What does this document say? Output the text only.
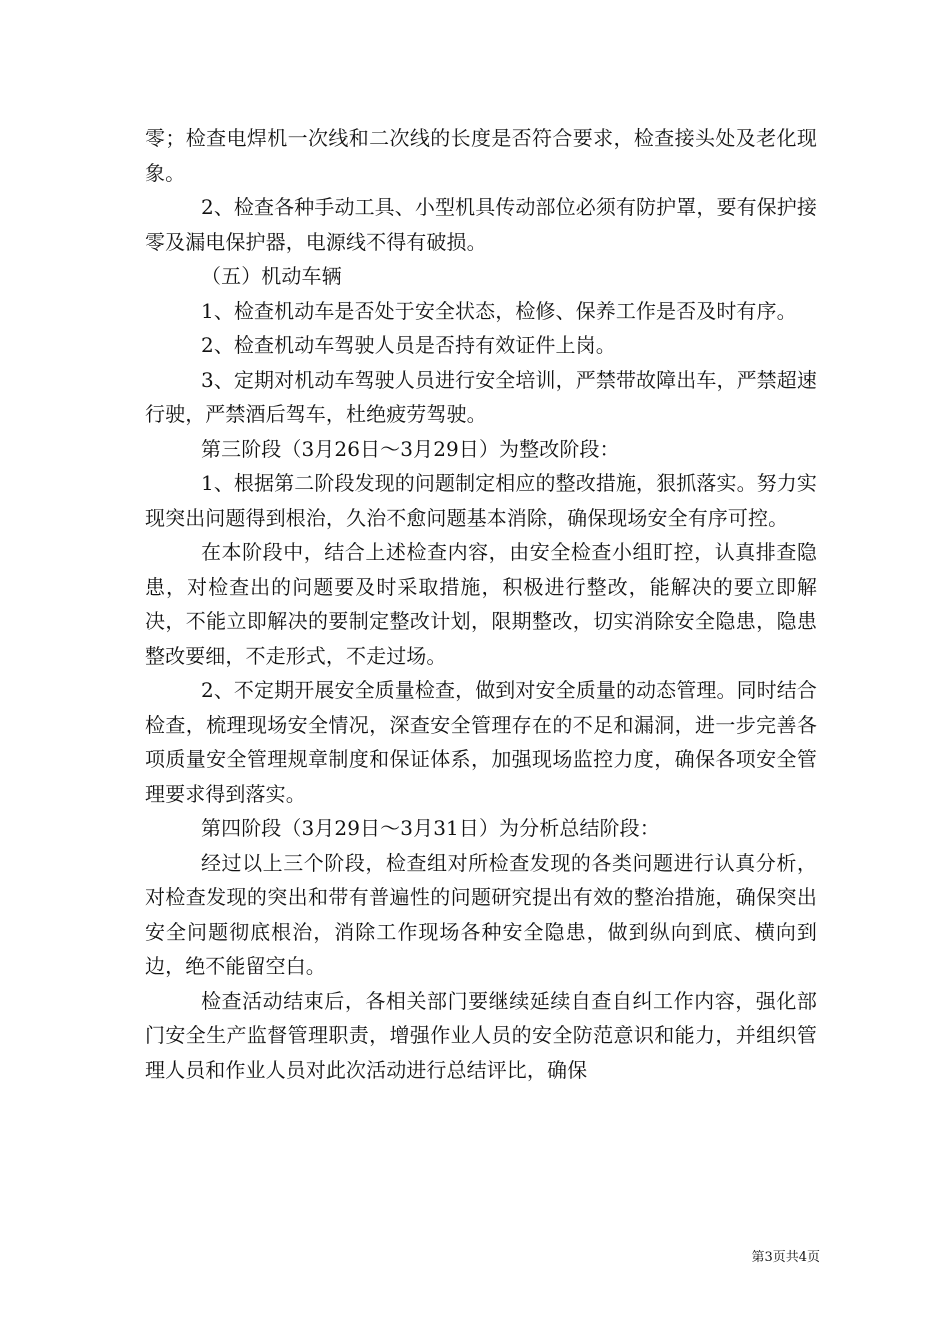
零；检查电焊机一次线和二次线的长度是否符合要求，检查接头处及老化现象。

2、检查各种手动工具、小型机具传动部位必须有防护罩，要有保护接零及漏电保护器，电源线不得有破损。

（五）机动车辆

1、检查机动车是否处于安全状态，检修、保养工作是否及时有序。

2、检查机动车驾驶人员是否持有效证件上岗。

3、定期对机动车驾驶人员进行安全培训，严禁带故障出车，严禁超速行驶，严禁酒后驾车，杜绝疲劳驾驶。

第三阶段（3月26日～3月29日）为整改阶段：

1、根据第二阶段发现的问题制定相应的整改措施，狠抓落实。努力实现突出问题得到根治，久治不愈问题基本消除，确保现场安全有序可控。

在本阶段中，结合上述检查内容，由安全检查小组盯控，认真排查隐患，对检查出的问题要及时采取措施，积极进行整改，能解决的要立即解决，不能立即解决的要制定整改计划，限期整改，切实消除安全隐患，隐患整改要细，不走形式，不走过场。

2、不定期开展安全质量检查，做到对安全质量的动态管理。同时结合检查，梳理现场安全情况，深查安全管理存在的不足和漏洞，进一步完善各项质量安全管理规章制度和保证体系，加强现场监控力度，确保各项安全管理要求得到落实。

第四阶段（3月29日～3月31日）为分析总结阶段：

经过以上三个阶段，检查组对所检查发现的各类问题进行认真分析，对检查发现的突出和带有普遍性的问题研究提出有效的整治措施，确保突出安全问题彻底根治，消除工作现场各种安全隐患，做到纵向到底、横向到边，绝不能留空白。

检查活动结束后，各相关部门要继续延续自查自纠工作内容，强化部门安全生产监督管理职责，增强作业人员的安全防范意识和能力，并组织管理人员和作业人员对此次活动进行总结评比，确保

第3页共4页
